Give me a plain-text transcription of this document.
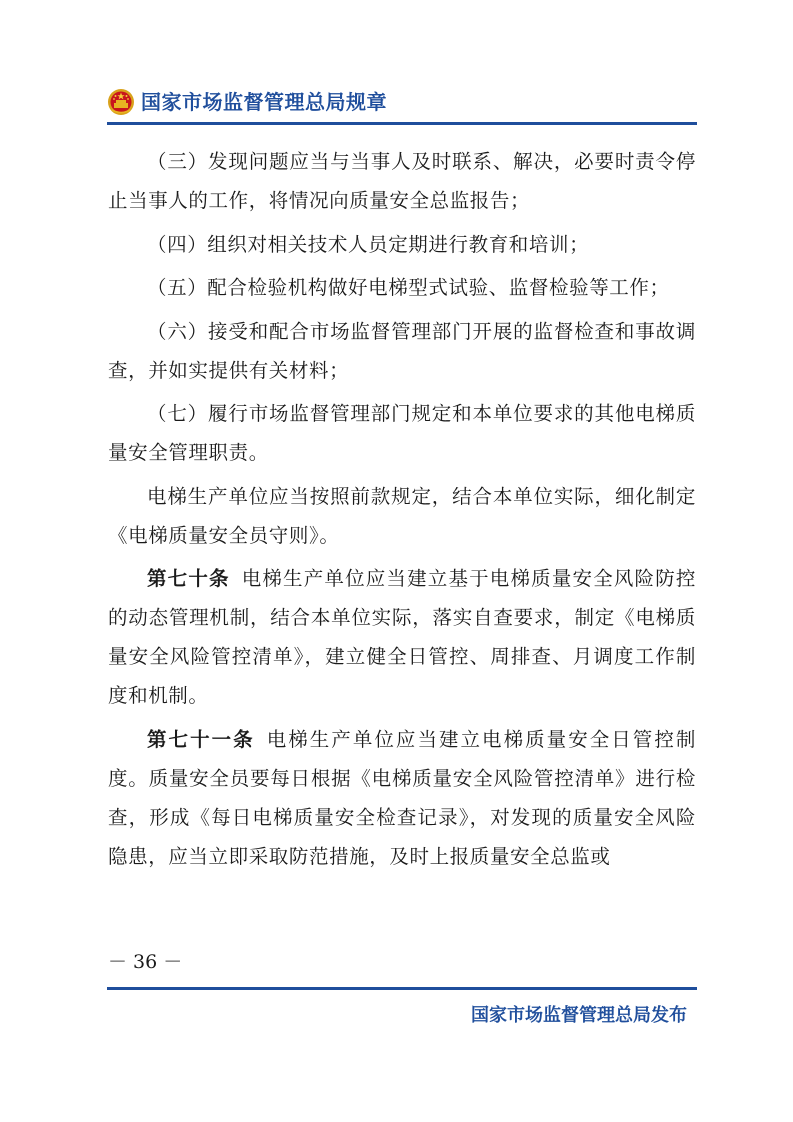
国家市场监督管理总局规章

（三）发现问题应当与当事人及时联系、解决，必要时责令停止当事人的工作，将情况向质量安全总监报告；

（四）组织对相关技术人员定期进行教育和培训；

（五）配合检验机构做好电梯型式试验、监督检验等工作；

（六）接受和配合市场监督管理部门开展的监督检查和事故调查，并如实提供有关材料；

（七）履行市场监督管理部门规定和本单位要求的其他电梯质量安全管理职责。

电梯生产单位应当按照前款规定，结合本单位实际，细化制定《电梯质量安全员守则》。

第七十条 电梯生产单位应当建立基于电梯质量安全风险防控的动态管理机制，结合本单位实际，落实自查要求，制定《电梯质量安全风险管控清单》，建立健全日管控、周排查、月调度工作制度和机制。

第七十一条 电梯生产单位应当建立电梯质量安全日管控制度。质量安全员要每日根据《电梯质量安全风险管控清单》进行检查，形成《每日电梯质量安全检查记录》，对发现的质量安全风险隐患，应当立即采取防范措施，及时上报质量安全总监或

－ 36 －
国家市场监督管理总局发布
